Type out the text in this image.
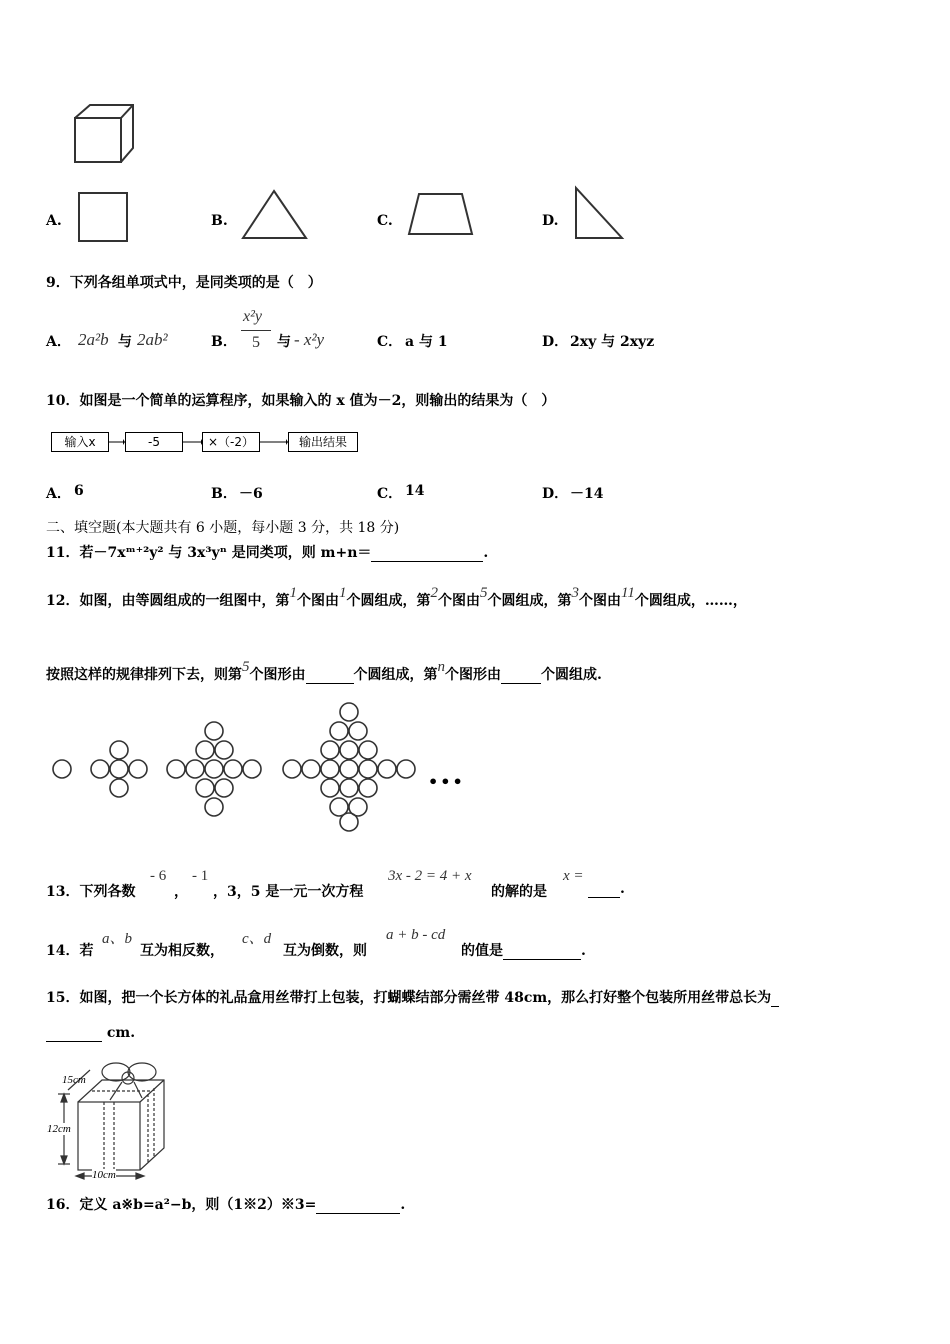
A.	B.	C.	D.
9．下列各组单项式中，是同类项的是（　）
A． 2a²b 与 2ab²	B．
x²y
5 与 - x²y	C． a 与 1	D． 2xy 与 2xyz
10．如图是一个简单的运算程序，如果输入的 x 值为－2，则输出的结果为（　）
输入x	-5	×（-2）	输出结果
A． 6	B． －6	C． 14	D． －14
二、填空题(本大题共有 6 小题，每小题 3 分，共 18 分)
11．若－7xᵐ⁺²y² 与 3x³yⁿ 是同类项，则 m+n＝	.
12．如图，由等圆组成的一组图中，第1个图由1个圆组成，第2个图由5个圆组成，第3个图由11个圆组成，……，
按照这样的规律排列下去，则第5个图形由	个圆组成，第n个图形由	个圆组成.
•••
13．下列各数
- 6
，
- 1
，3，5 是一元一次方程
3x - 2 = 4 + x
的解的是
x =
.
14．若
a、b
互为相反数，
c、d
互为倒数，则
a + b - cd
的值是	.
15．如图，把一个长方体的礼品盒用丝带打上包装，打蝴蝶结部分需丝带 48cm，那么打好整个包装所用丝带总长为
cm.
15cm
12cm
10cm
16．定义 a※b=a²−b，则（1※2）※3=	.
